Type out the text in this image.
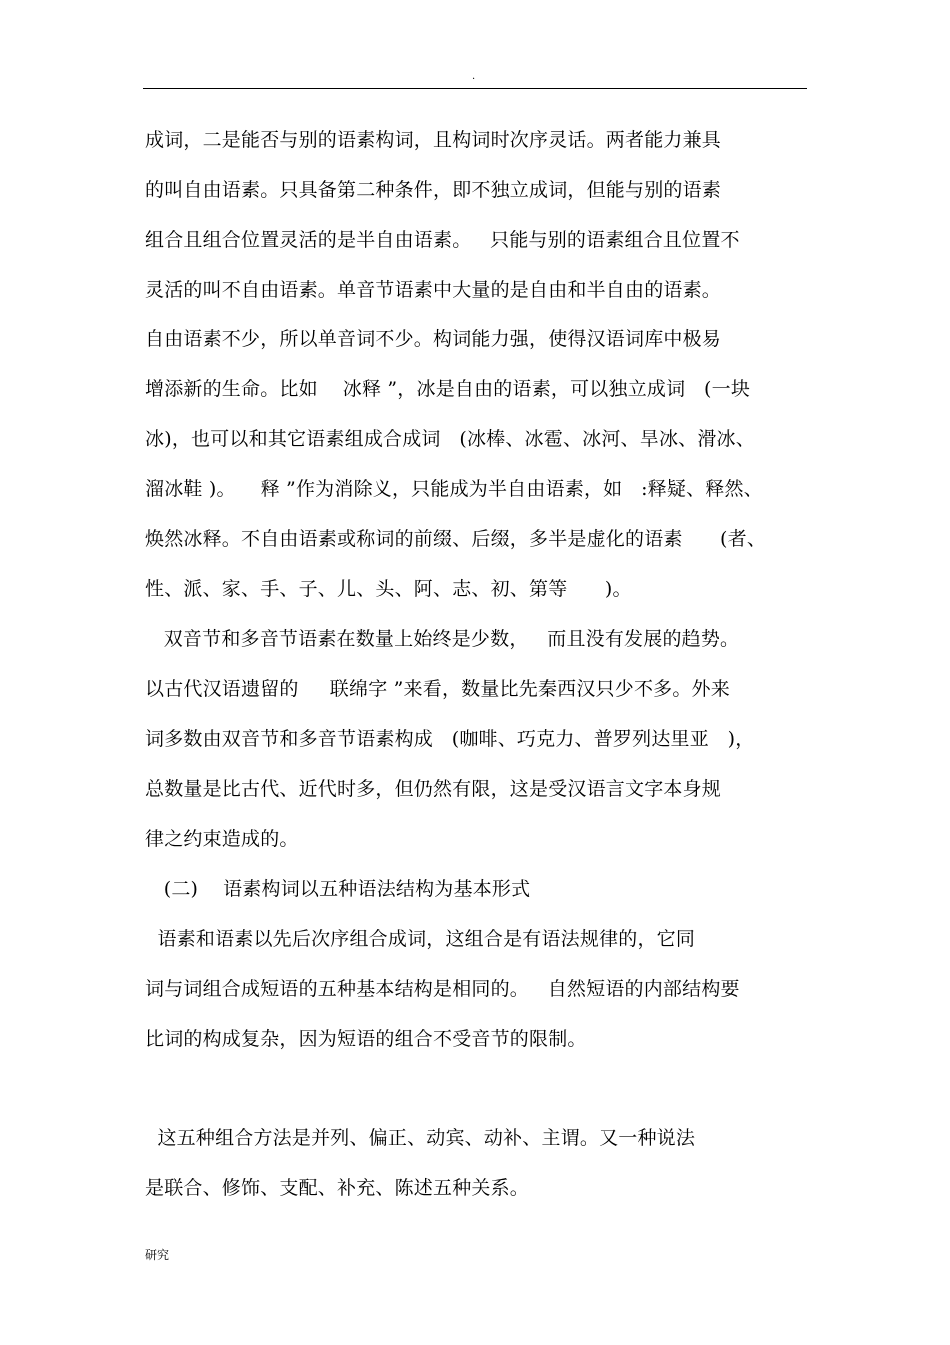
.
成词，二是能否与别的语素构词，且构词时次序灵话。两者能力兼具
的叫自由语素。只具备第二种条件，即不独立成词，但能与别的语素
组合且组合位置灵活的是半自由语素。   只能与别的语素组合且位置不
灵活的叫不自由语素。单音节语素中大量的是自由和半自由的语素。
自由语素不少，所以单音词不少。构词能力强，使得汉语词库中极易
增添新的生命。比如    冰释 ”，冰是自由的语素，可以独立成词   (一块
冰)，也可以和其它语素组成合成词   (冰棒、冰雹、冰河、旱冰、滑冰、
溜冰鞋 )。    释 ”作为消除义，只能成为半自由语素，如   :释疑、释然、
焕然冰释。不自由语素或称词的前缀、后缀，多半是虚化的语素      (者、
性、派、家、手、子、儿、头、阿、志、初、第等      )。
双音节和多音节语素在数量上始终是少数，   而且没有发展的趋势。
以古代汉语遗留的     联绵字 ”来看，数量比先秦西汉只少不多。外来
词多数由双音节和多音节语素构成   (咖啡、巧克力、普罗列达里亚   )，
总数量是比古代、近代时多，但仍然有限，这是受汉语言文字本身规
律之约束造成的。
(二)    语素构词以五种语法结构为基本形式
语素和语素以先后次序组合成词，这组合是有语法规律的，它同
词与词组合成短语的五种基本结构是相同的。   自然短语的内部结构要
比词的构成复杂，因为短语的组合不受音节的限制。
这五种组合方法是并列、偏正、动宾、动补、主谓。又一种说法
是联合、修饰、支配、补充、陈述五种关系。
研究
